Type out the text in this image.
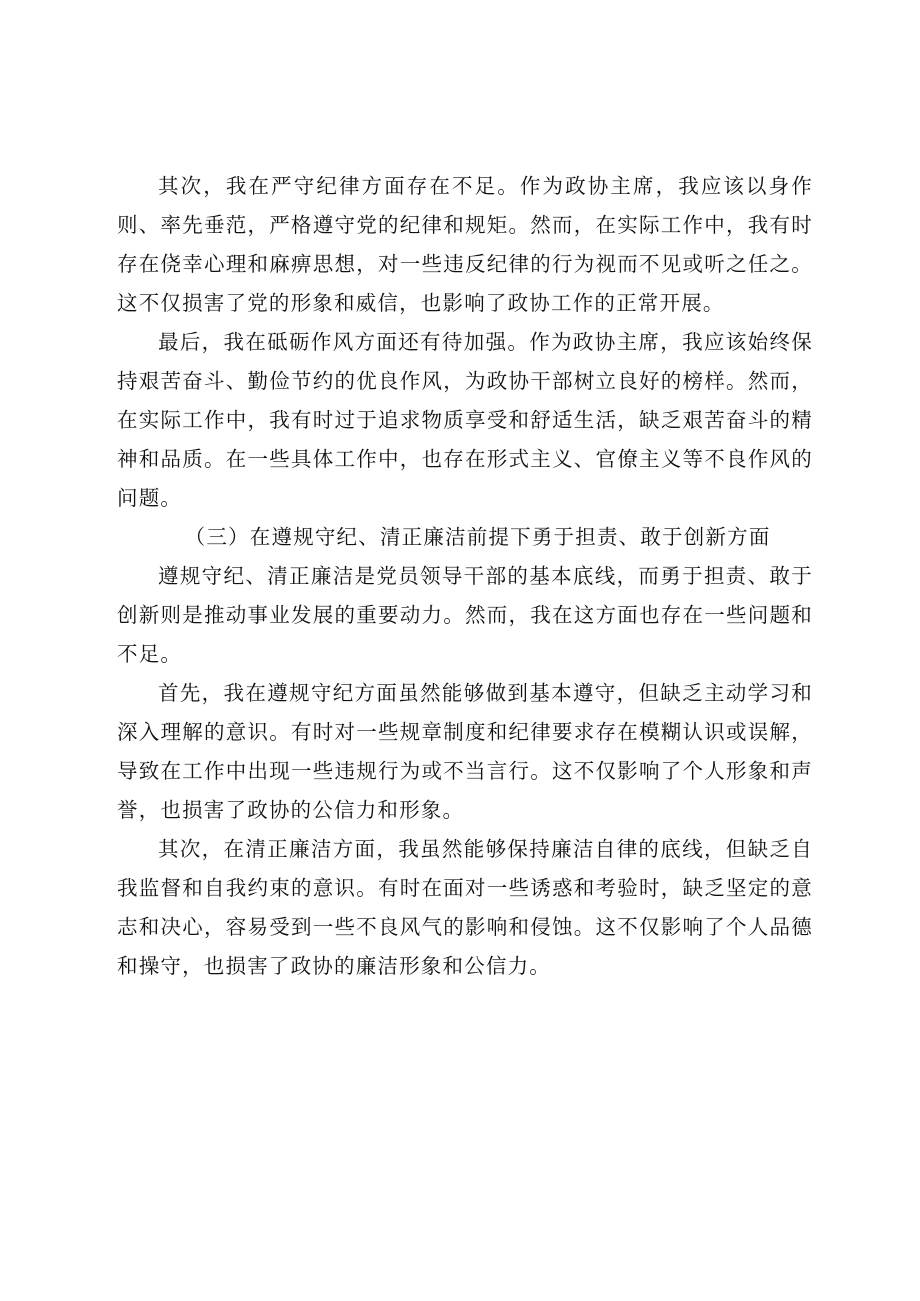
其次，我在严守纪律方面存在不足。作为政协主席，我应该以身作则、率先垂范，严格遵守党的纪律和规矩。然而，在实际工作中，我有时存在侥幸心理和麻痹思想，对一些违反纪律的行为视而不见或听之任之。这不仅损害了党的形象和威信，也影响了政协工作的正常开展。

最后，我在砥砺作风方面还有待加强。作为政协主席，我应该始终保持艰苦奋斗、勤俭节约的优良作风，为政协干部树立良好的榜样。然而，在实际工作中，我有时过于追求物质享受和舒适生活，缺乏艰苦奋斗的精神和品质。在一些具体工作中，也存在形式主义、官僚主义等不良作风的问题。

（三）在遵规守纪、清正廉洁前提下勇于担责、敢于创新方面

遵规守纪、清正廉洁是党员领导干部的基本底线，而勇于担责、敢于创新则是推动事业发展的重要动力。然而，我在这方面也存在一些问题和不足。

首先，我在遵规守纪方面虽然能够做到基本遵守，但缺乏主动学习和深入理解的意识。有时对一些规章制度和纪律要求存在模糊认识或误解，导致在工作中出现一些违规行为或不当言行。这不仅影响了个人形象和声誉，也损害了政协的公信力和形象。

其次，在清正廉洁方面，我虽然能够保持廉洁自律的底线，但缺乏自我监督和自我约束的意识。有时在面对一些诱惑和考验时，缺乏坚定的意志和决心，容易受到一些不良风气的影响和侵蚀。这不仅影响了个人品德和操守，也损害了政协的廉洁形象和公信力。
